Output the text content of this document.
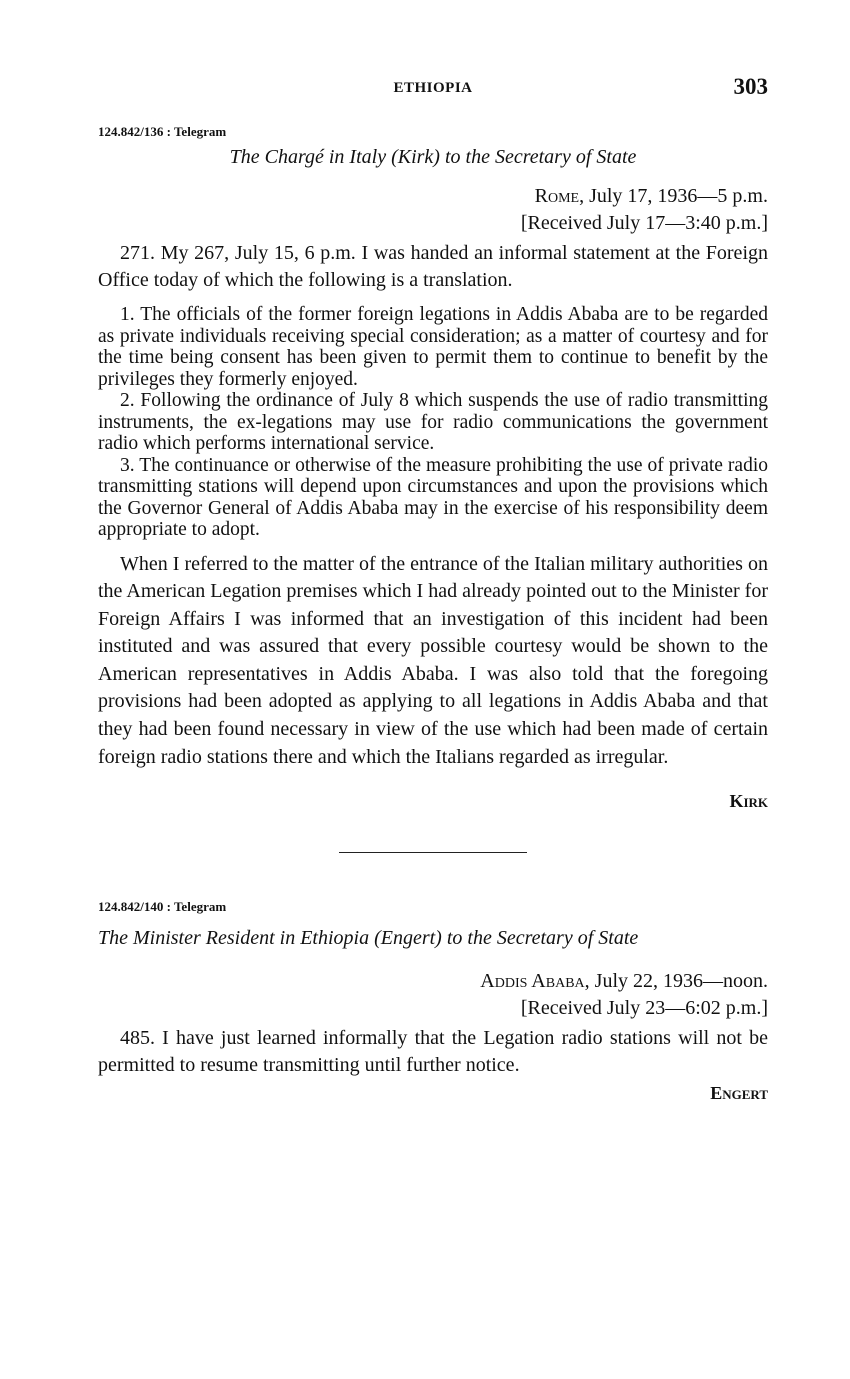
ETHIOPIA	303
124.842/136 : Telegram
The Chargé in Italy (Kirk) to the Secretary of State
Rome, July 17, 1936—5 p.m.
[Received July 17—3:40 p.m.]

271. My 267, July 15, 6 p.m. I was handed an informal statement at the Foreign Office today of which the following is a translation.

1. The officials of the former foreign legations in Addis Ababa are to be regarded as private individuals receiving special consideration; as a matter of courtesy and for the time being consent has been given to permit them to continue to benefit by the privileges they formerly enjoyed.

2. Following the ordinance of July 8 which suspends the use of radio transmitting instruments, the ex-legations may use for radio communications the government radio which performs international service.

3. The continuance or otherwise of the measure prohibiting the use of private radio transmitting stations will depend upon circumstances and upon the provisions which the Governor General of Addis Ababa may in the exercise of his responsibility deem appropriate to adopt.

When I referred to the matter of the entrance of the Italian military authorities on the American Legation premises which I had already pointed out to the Minister for Foreign Affairs I was informed that an investigation of this incident had been instituted and was assured that every possible courtesy would be shown to the American representatives in Addis Ababa. I was also told that the foregoing provisions had been adopted as applying to all legations in Addis Ababa and that they had been found necessary in view of the use which had been made of certain foreign radio stations there and which the Italians regarded as irregular.

Kirk
124.842/140 : Telegram
The Minister Resident in Ethiopia (Engert) to the Secretary of State
Addis Ababa, July 22, 1936—noon.
[Received July 23—6:02 p.m.]

485. I have just learned informally that the Legation radio stations will not be permitted to resume transmitting until further notice.

Engert
